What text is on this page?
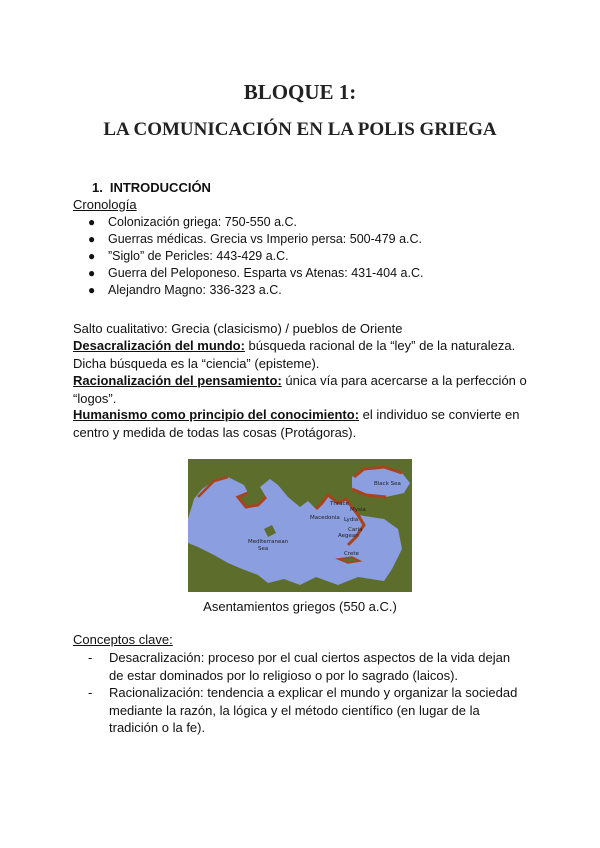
BLOQUE 1:
LA COMUNICACIÓN EN LA POLIS GRIEGA
1. INTRODUCCIÓN
Cronología
● Colonización griega: 750-550 a.C.
● Guerras médicas. Grecia vs Imperio persa: 500-479 a.C.
● ”Siglo” de Pericles: 443-429 a.C.
● Guerra del Peloponeso. Esparta vs Atenas: 431-404 a.C.
● Alejandro Magno: 336-323 a.C.

Salto cualitativo: Grecia (clasicismo) / pueblos de Oriente

Desacralización del mundo: búsqueda racional de la “ley” de la naturaleza. Dicha búsqueda es la “ciencia” (episteme).

Racionalización del pensamiento: única vía para acercarse a la perfección o “logos”.

Humanismo como principio del conocimiento: el individuo se convierte en centro y medida de todas las cosas (Protágoras).

Black Sea
Thrace
Macedonia Lydia
Mysia
Caria
Aegean
Mediterranean
Sea
Crete
Asentamientos griegos (550 a.C.)
Conceptos clave:
- Desacralización: proceso por el cual ciertos aspectos de la vida dejan de estar dominados por lo religioso o por lo sagrado (laicos).
- Racionalización: tendencia a explicar el mundo y organizar la sociedad mediante la razón, la lógica y el método científico (en lugar de la tradición o la fe).
